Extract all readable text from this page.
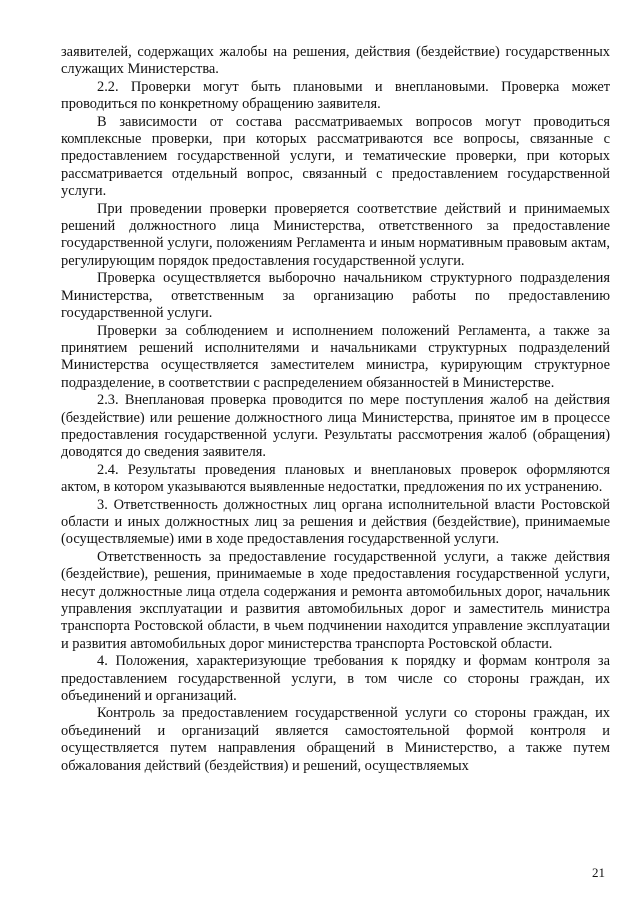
заявителей, содержащих жалобы на решения, действия (бездействие) государственных служащих Министерства.

2.2. Проверки могут быть плановыми и внеплановыми. Проверка может проводиться по конкретному обращению заявителя.

В зависимости от состава рассматриваемых вопросов могут проводиться комплексные проверки, при которых рассматриваются все вопросы, связанные с предоставлением государственной услуги, и тематические проверки, при которых рассматривается отдельный вопрос, связанный с предоставлением государственной услуги.

При проведении проверки проверяется соответствие действий и принимаемых решений должностного лица Министерства, ответственного за предоставление государственной услуги, положениям Регламента и иным нормативным правовым актам, регулирующим порядок предоставления государственной услуги.

Проверка осуществляется выборочно начальником структурного подразделения Министерства, ответственным за организацию работы по предоставлению государственной услуги.

Проверки за соблюдением и исполнением положений Регламента, а также за принятием решений исполнителями и начальниками структурных подразделений Министерства осуществляется заместителем министра, курирующим структурное подразделение, в соответствии с распределением обязанностей в Министерстве.

2.3. Внеплановая проверка проводится по мере поступления жалоб на действия (бездействие) или решение должностного лица Министерства, принятое им в процессе предоставления государственной услуги. Результаты рассмотрения жалоб (обращения) доводятся до сведения заявителя.

2.4. Результаты проведения плановых и внеплановых проверок оформляются актом, в котором указываются выявленные недостатки, предложения по их устранению.

3. Ответственность должностных лиц органа исполнительной власти Ростовской области и иных должностных лиц за решения и действия (бездействие), принимаемые (осуществляемые) ими в ходе предоставления государственной услуги.

Ответственность за предоставление государственной услуги, а также действия (бездействие), решения, принимаемые в ходе предоставления государственной услуги, несут должностные лица отдела содержания и ремонта автомобильных дорог, начальник управления эксплуатации и развития автомобильных дорог и заместитель министра транспорта Ростовской области, в чьем подчинении находится управление эксплуатации и развития автомобильных дорог министерства транспорта Ростовской области.

4. Положения, характеризующие требования к порядку и формам контроля за предоставлением государственной услуги, в том числе со стороны граждан, их объединений и организаций.

Контроль за предоставлением государственной услуги со стороны граждан, их объединений и организаций является самостоятельной формой контроля и осуществляется путем направления обращений в Министерство, а также путем обжалования действий (бездействия) и решений, осуществляемых

21
